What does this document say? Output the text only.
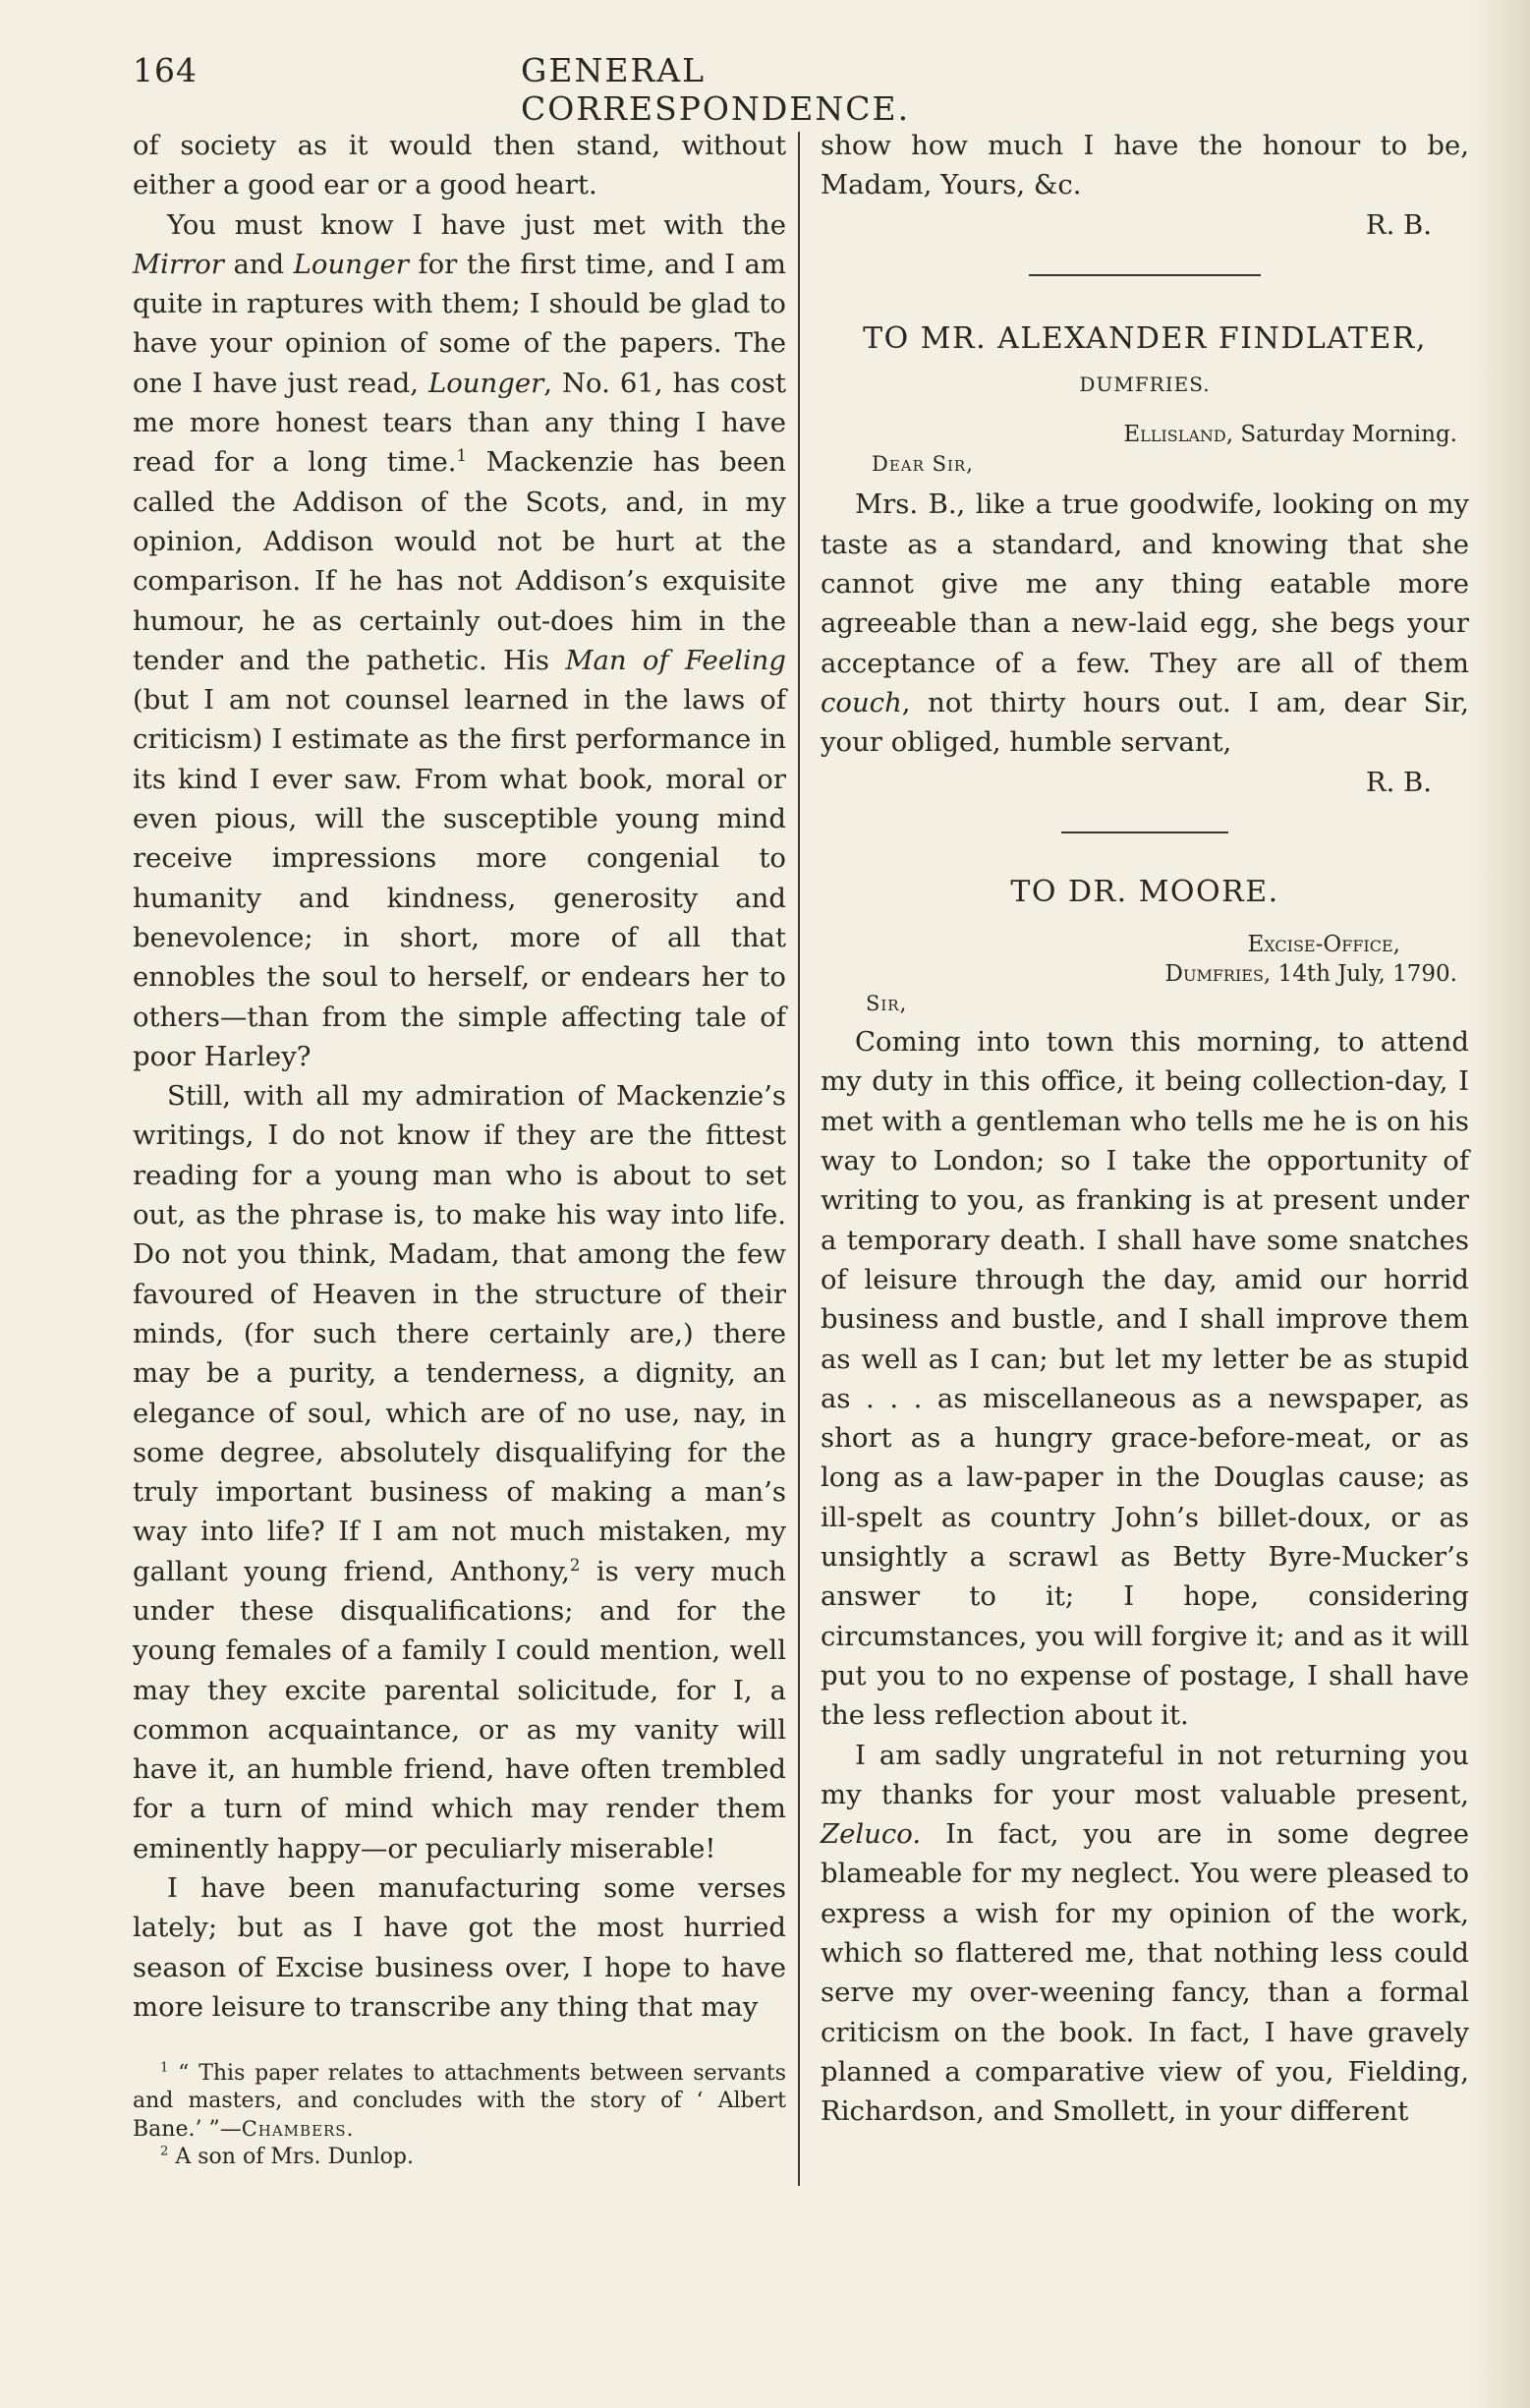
164	GENERAL CORRESPONDENCE.

of society as it would then stand, without either a good ear or a good heart.

You must know I have just met with the Mirror and Lounger for the first time, and I am quite in raptures with them; I should be glad to have your opinion of some of the papers. The one I have just read, Lounger, No. 61, has cost me more honest tears than any thing I have read for a long time.$^1$ Mackenzie has been called the Addison of the Scots, and, in my opinion, Addison would not be hurt at the comparison. If he has not Addison’s exquisite humour, he as certainly out-does him in the tender and the pathetic. His Man of Feeling (but I am not counsel learned in the laws of criticism) I estimate as the first performance in its kind I ever saw. From what book, moral or even pious, will the susceptible young mind receive impressions more congenial to humanity and kindness, generosity and benevolence; in short, more of all that ennobles the soul to herself, or endears her to others—than from the simple affecting tale of poor Harley?

Still, with all my admiration of Mackenzie’s writings, I do not know if they are the fittest reading for a young man who is about to set out, as the phrase is, to make his way into life. Do not you think, Madam, that among the few favoured of Heaven in the structure of their minds, (for such there certainly are,) there may be a purity, a tenderness, a dignity, an elegance of soul, which are of no use, nay, in some degree, absolutely disqualifying for the truly important business of making a man’s way into life? If I am not much mistaken, my gallant young friend, Anthony,$^2$ is very much under these disqualifications; and for the young females of a family I could mention, well may they excite parental solicitude, for I, a common acquaintance, or as my vanity will have it, an humble friend, have often trembled for a turn of mind which may render them eminently happy—or peculiarly miserable!

I have been manufacturing some verses lately; but as I have got the most hurried season of Excise business over, I hope to have more leisure to transcribe any thing that may

$^1$ “ This paper relates to attachments between servants and masters, and concludes with the story of ‘ Albert Bane.’ ”—Chambers.

$^2$ A son of Mrs. Dunlop.

show how much I have the honour to be, Madam, Yours, &c.

R. B.

TO MR. ALEXANDER FINDLATER,

DUMFRIES.

Ellisland, Saturday Morning.

Dear Sir,

Mrs. B., like a true goodwife, looking on my taste as a standard, and knowing that she cannot give me any thing eatable more agreeable than a new-laid egg, she begs your acceptance of a few. They are all of them couch, not thirty hours out. I am, dear Sir, your obliged, humble servant,

R. B.

TO DR. MOORE.

Excise-Office,

Dumfries, 14th July, 1790.

Sir,

Coming into town this morning, to attend my duty in this office, it being collection-day, I met with a gentleman who tells me he is on his way to London; so I take the opportunity of writing to you, as franking is at present under a temporary death. I shall have some snatches of leisure through the day, amid our horrid business and bustle, and I shall improve them as well as I can; but let my letter be as stupid as . . . as miscellaneous as a newspaper, as short as a hungry grace-before-meat, or as long as a law-paper in the Douglas cause; as ill-spelt as country John’s billet-doux, or as unsightly a scrawl as Betty Byre-Mucker’s answer to it; I hope, considering circumstances, you will forgive it; and as it will put you to no expense of postage, I shall have the less reflection about it.

I am sadly ungrateful in not returning you my thanks for your most valuable present, Zeluco. In fact, you are in some degree blameable for my neglect. You were pleased to express a wish for my opinion of the work, which so flattered me, that nothing less could serve my over-weening fancy, than a formal criticism on the book. In fact, I have gravely planned a comparative view of you, Fielding, Richardson, and Smollett, in your different
